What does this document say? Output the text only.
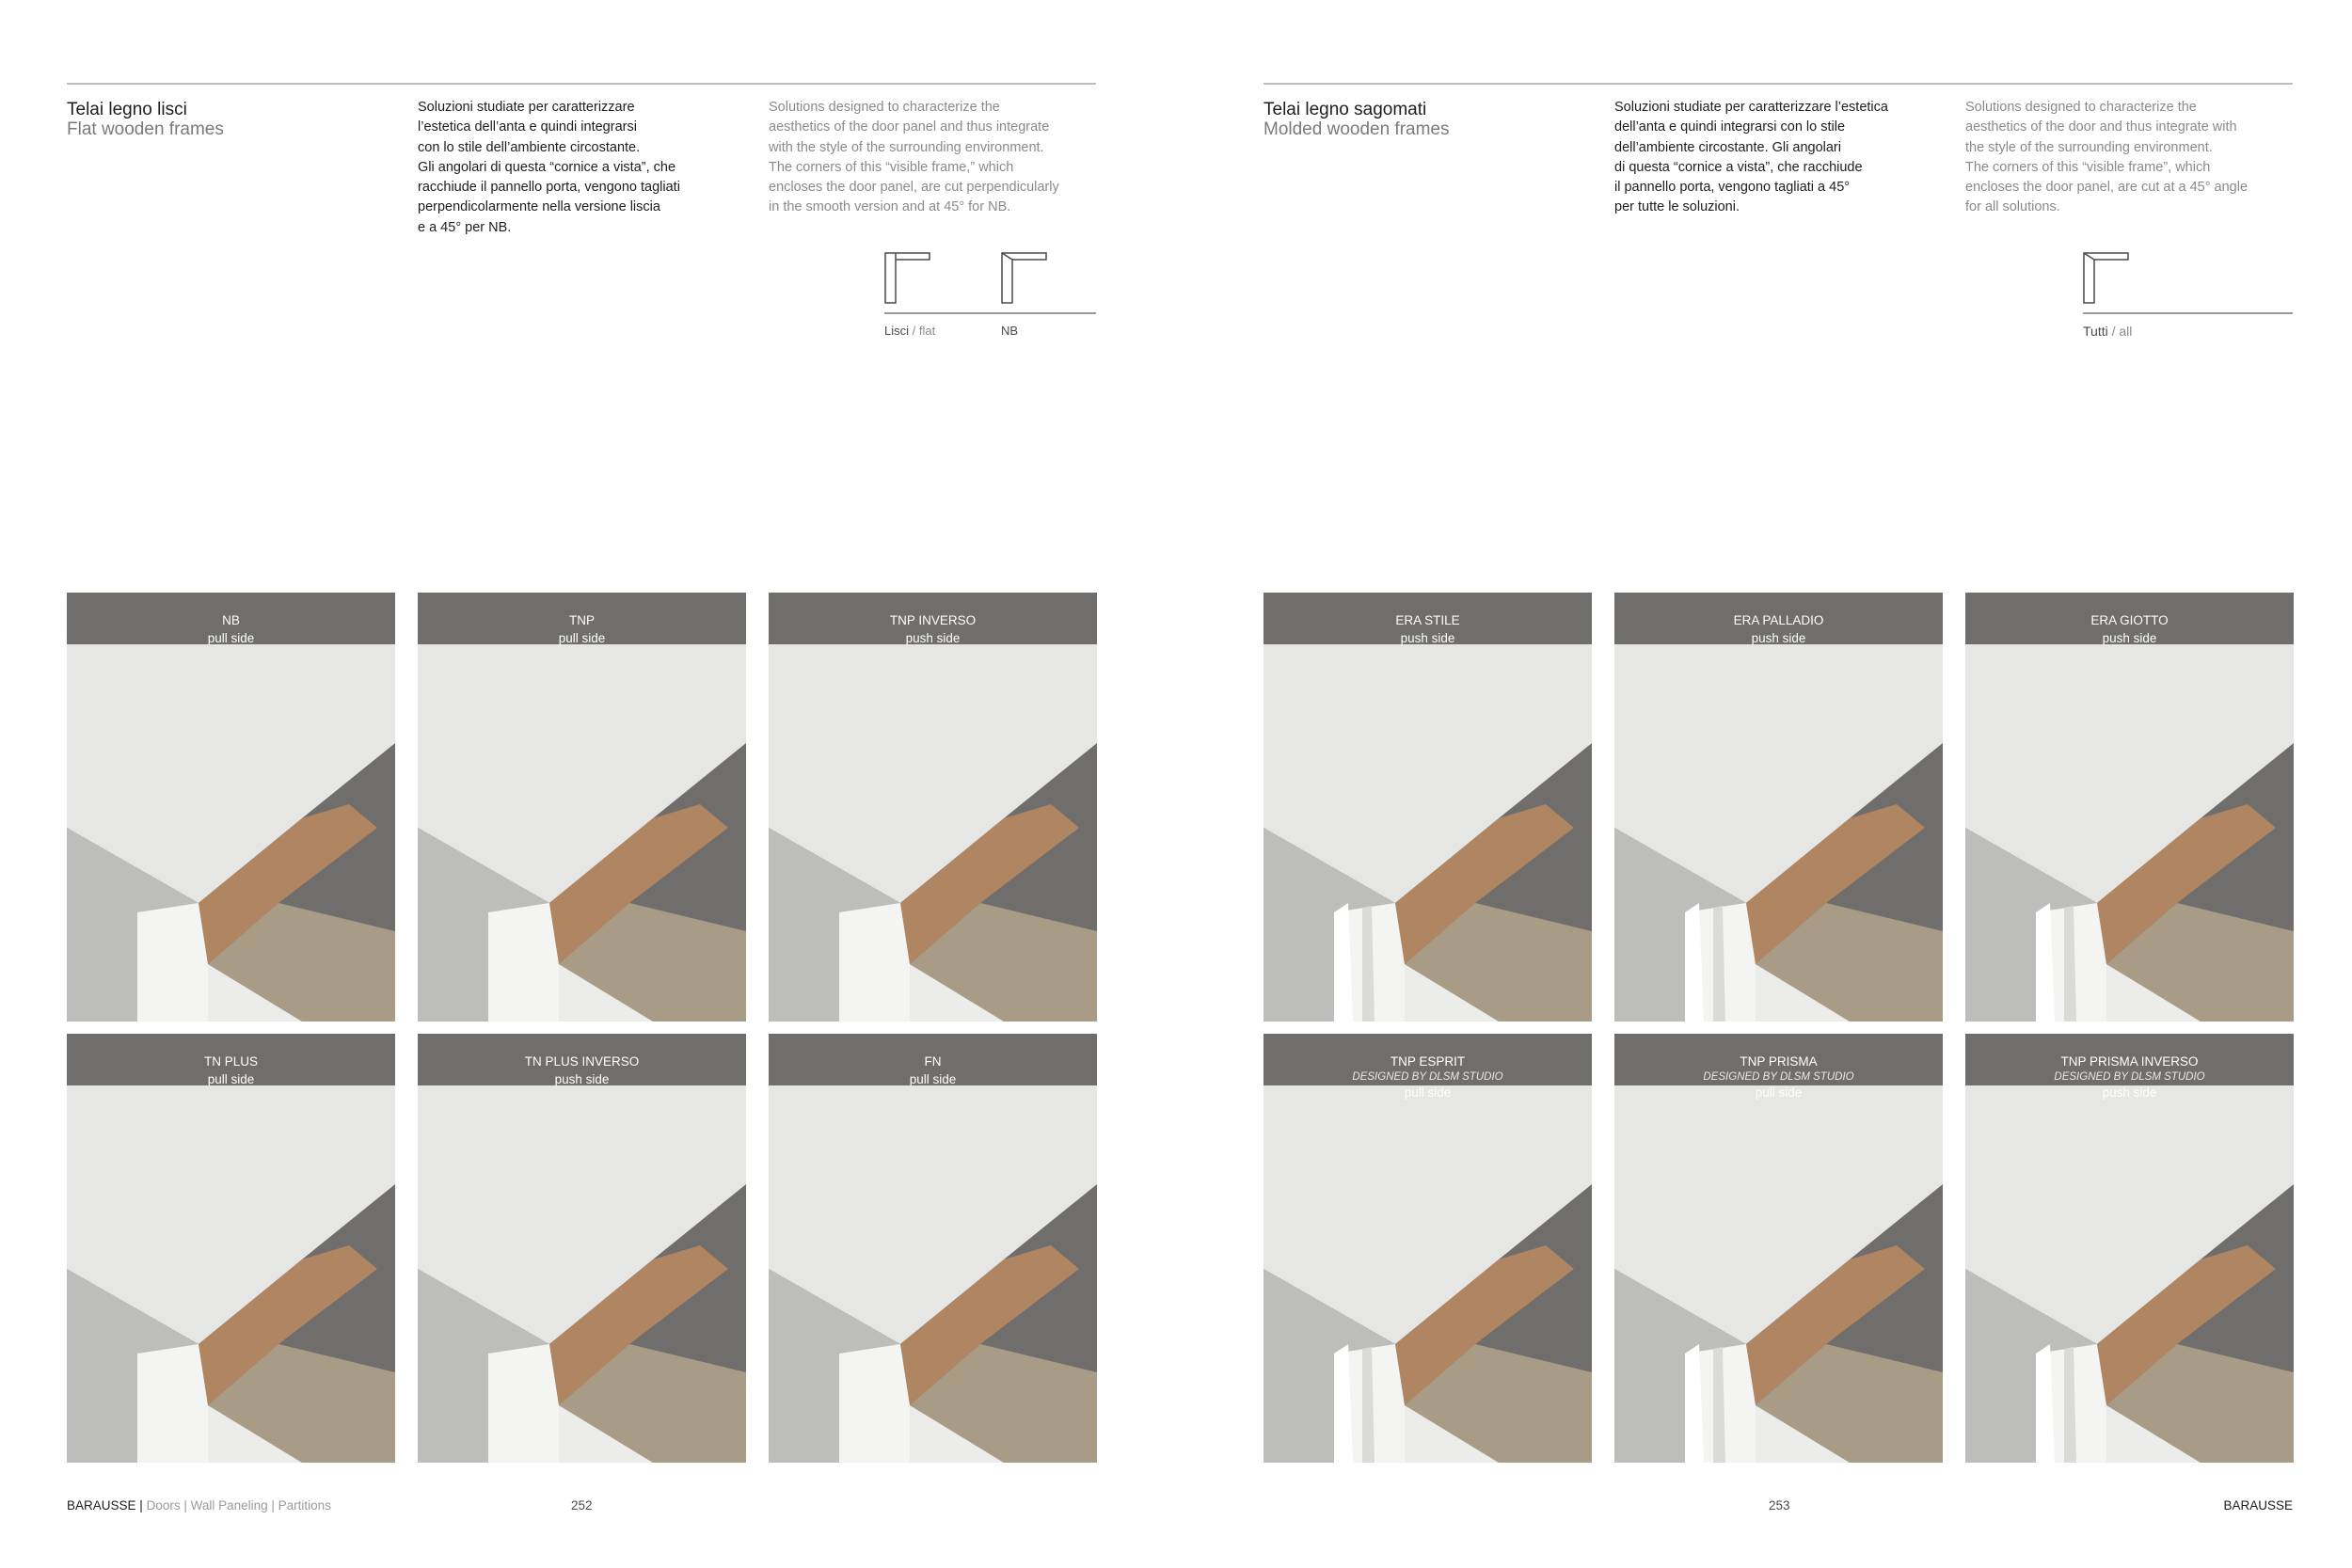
Telai legno lisci
Flat wooden frames
Soluzioni studiate per caratterizzare
l’estetica dell’anta e quindi integrarsi
con lo stile dell’ambiente circostante.
Gli angolari di questa “cornice a vista”, che
racchiude il pannello porta, vengono tagliati
perpendicolarmente nella versione liscia
e a 45° per NB.
Solutions designed to characterize the
aesthetics of the door panel and thus integrate
with the style of the surrounding environment.
The corners of this “visible frame,” which
encloses the door panel, are cut perpendicularly
in the smooth version and at 45° for NB.
Lisci / flat	NB
NB
pull side
TNP
pull side
TNP INVERSO
push side
TN PLUS
pull side
TN PLUS INVERSO
push side
FN
pull side
BARAUSSE | Doors | Wall Paneling | Partitions	252
Telai legno sagomati
Molded wooden frames
Soluzioni studiate per caratterizzare l’estetica
dell’anta e quindi integrarsi con lo stile
dell’ambiente circostante. Gli angolari
di questa “cornice a vista”, che racchiude
il pannello porta, vengono tagliati a 45°
per tutte le soluzioni.
Solutions designed to characterize the
aesthetics of the door and thus integrate with
the style of the surrounding environment.
The corners of this “visible frame”, which
encloses the door panel, are cut at a 45° angle
for all solutions.
Tutti / all
ERA STILE
push side
ERA PALLADIO
push side
ERA GIOTTO
push side
TNP ESPRIT
DESIGNED BY DLSM STUDIO
pull side
TNP PRISMA
DESIGNED BY DLSM STUDIO
pull side
TNP PRISMA INVERSO
DESIGNED BY DLSM STUDIO
push side
253	BARAUSSE
